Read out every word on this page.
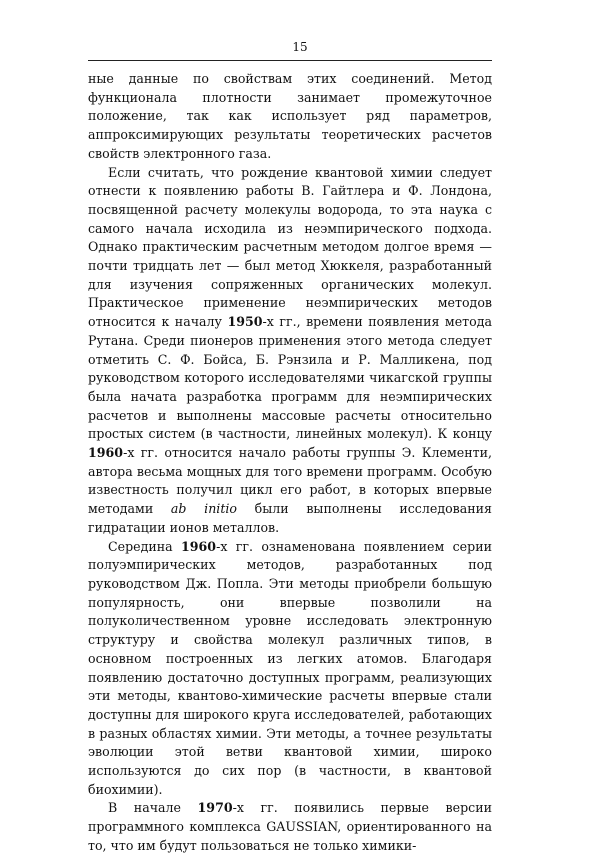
15

ные данные по свойствам этих соединений. Метод функционала плотности занимает промежуточное положение, так как использует ряд параметров, аппроксимирующих результаты теоретических расчетов свойств электронного газа.

Если считать, что рождение квантовой химии следует отнести к появлению работы В. Гайтлера и Ф. Лондона, посвященной расчету молекулы водорода, то эта наука с самого начала исходила из неэмпирического подхода. Однако практическим расчетным методом долгое время — почти тридцать лет — был метод Хюккеля, разработанный для изучения сопряженных органических молекул. Практическое применение неэмпирических методов относится к началу 1950-х гг., времени появления метода Рутана. Среди пионеров применения этого метода следует отметить С. Ф. Бойса, Б. Рэнзила и Р. Малликена, под руководством которого исследователями чикагской группы была начата разработка программ для неэмпирических расчетов и выполнены массовые расчеты относительно простых систем (в частности, линейных молекул). К концу 1960-х гг. относится начало работы группы Э. Клементи, автора весьма мощных для того времени программ. Особую известность получил цикл его работ, в которых впервые методами ab initio были выполнены исследования гидратации ионов металлов.

Середина 1960-х гг. ознаменована появлением серии полуэмпирических методов, разработанных под руководством Дж. Попла. Эти методы приобрели большую популярность, они впервые позволили на полуколичественном уровне исследовать электронную структуру и свойства молекул различных типов, в основном построенных из легких атомов. Благодаря появлению достаточно доступных программ, реализующих эти методы, квантово-химические расчеты впервые стали доступны для широкого круга исследователей, работающих в разных областях химии. Эти методы, а точнее результаты эволюции этой ветви квантовой химии, широко используются до сих пор (в частности, в квантовой биохимии).

В начале 1970-х гг. появились первые версии программного комплекса GAUSSIAN, ориентированного на то, что им будут пользоваться не только химики-
